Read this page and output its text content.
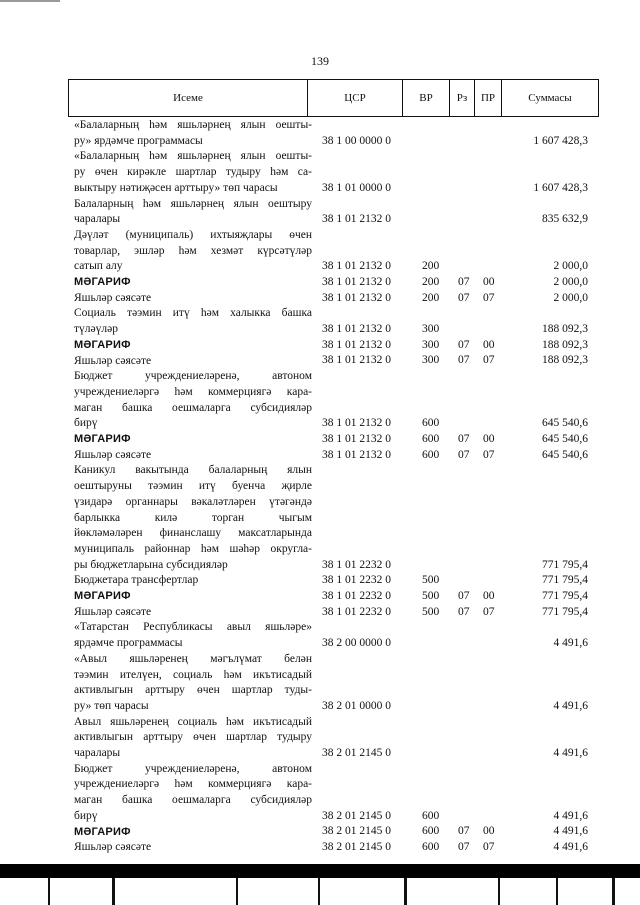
139
Исеме	ЦСР	ВР	Рз	ПР	Суммасы
«Балаларның һәм яшьләрнең ялын оешты-
ру» ярдәмче программасы	38 1 00 0000 0	1 607 428,3
«Балаларның һәм яшьләрнең ялын оешты-
ру өчен кирәкле шартлар тудыру һәм са-
выктыру нәтиҗәсен арттыру» төп чарасы	38 1 01 0000 0	1 607 428,3
Балаларның һәм яшьләрнең ялын оештыру
чаралары	38 1 01 2132 0	835 632,9
Дәүләт (муниципаль) ихтыяҗлары өчен
товарлар, эшләр һәм хезмәт күрсәтүләр
сатып алу	38 1 01 2132 0	200	2 000,0
МӘГАРИФ	38 1 01 2132 0	200 07 00	2 000,0
Яшьләр сәясәте	38 1 01 2132 0	200 07 07	2 000,0
Социаль тәэмин итү һәм халыкка башка
түләүләр	38 1 01 2132 0	300	188 092,3
МӘГАРИФ	38 1 01 2132 0	300 07 00	188 092,3
Яшьләр сәясәте	38 1 01 2132 0	300 07 07	188 092,3
Бюджет учреждениеләренә, автоном
учреждениеләргә һәм коммерциягә кара-
маган башка оешмаларга субсидияләр
бирү	38 1 01 2132 0	600	645 540,6
МӘГАРИФ	38 1 01 2132 0	600 07 00	645 540,6
Яшьләр сәясәте	38 1 01 2132 0	600 07 07	645 540,6
Каникул вакытында балаларның ялын
оештыруны тәэмин итү буенча җирле
үзидарә органнары вәкаләтләрен үтәгәндә
барлыкка килә торган чыгым
йөкләмәләрен финанслашу максатларында
муниципаль районнар һәм шәһәр округла-
ры бюджетларына субсидияләр	38 1 01 2232 0	771 795,4
Бюджетара трансфертлар	38 1 01 2232 0	500	771 795,4
МӘГАРИФ	38 1 01 2232 0	500 07 00	771 795,4
Яшьләр сәясәте	38 1 01 2232 0	500 07 07	771 795,4
«Татарстан Республикасы авыл яшьләре»
ярдәмче программасы	38 2 00 0000 0	4 491,6
«Авыл яшьләренең мәгълүмат белән
тәэмин ителүен, социаль һәм икътисадый
активлыгын арттыру өчен шартлар туды-
ру» төп чарасы	38 2 01 0000 0	4 491,6
Авыл яшьләренең социаль һәм икътисадый
активлыгын арттыру өчен шартлар тудыру
чаралары	38 2 01 2145 0	4 491,6
Бюджет учреждениеләренә, автоном
учреждениеләргә һәм коммерциягә кара-
маган башка оешмаларга субсидияләр
бирү	38 2 01 2145 0	600	4 491,6
МӘГАРИФ	38 2 01 2145 0	600 07 00	4 491,6
Яшьләр сәясәте	38 2 01 2145 0	600 07 07	4 491,6
